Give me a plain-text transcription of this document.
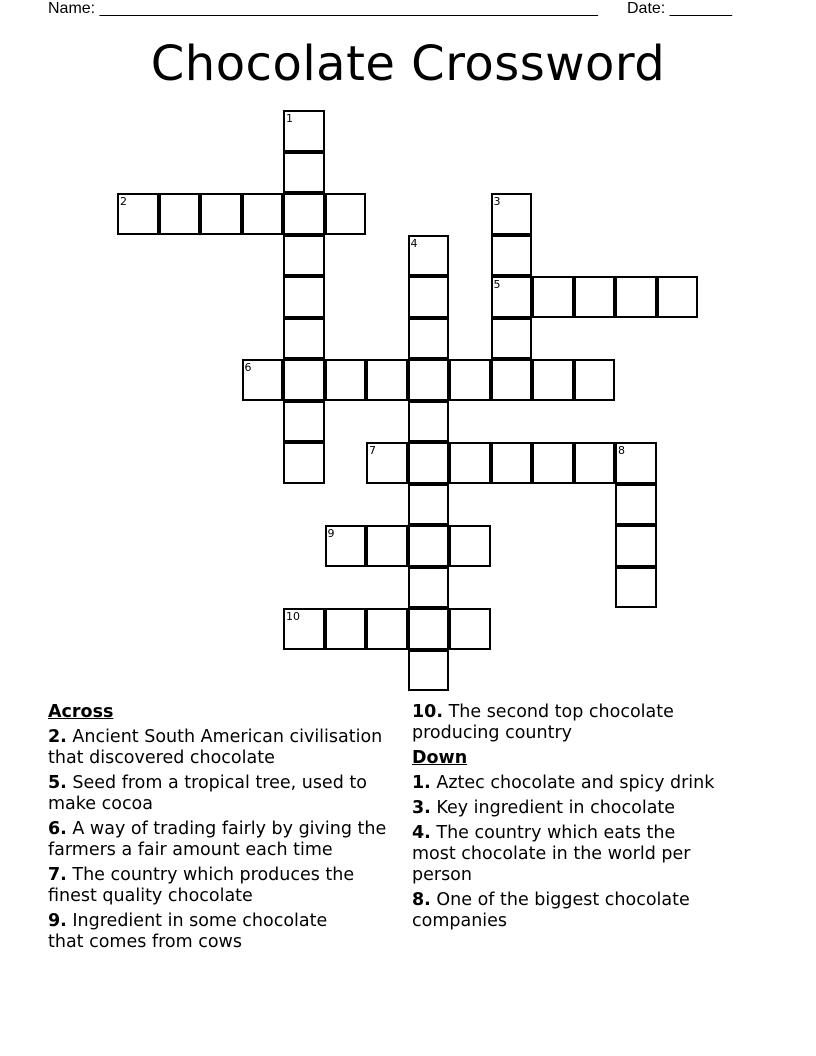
Name: ________________________________________________________ Date: _______
Chocolate Crossword
1
2	3
5
4
6
7	8
9
10
Across
2. Ancient South American civilisation that discovered chocolate
5. Seed from a tropical tree, used to make cocoa
6. A way of trading fairly by giving the farmers a fair amount each time
7. The country which produces the finest quality chocolate
9. Ingredient in some chocolate that comes from cows
10. The second top chocolate producing country
Down
1. Aztec chocolate and spicy drink
3. Key ingredient in chocolate
4. The country which eats the most chocolate in the world per person
8. One of the biggest chocolate companies
